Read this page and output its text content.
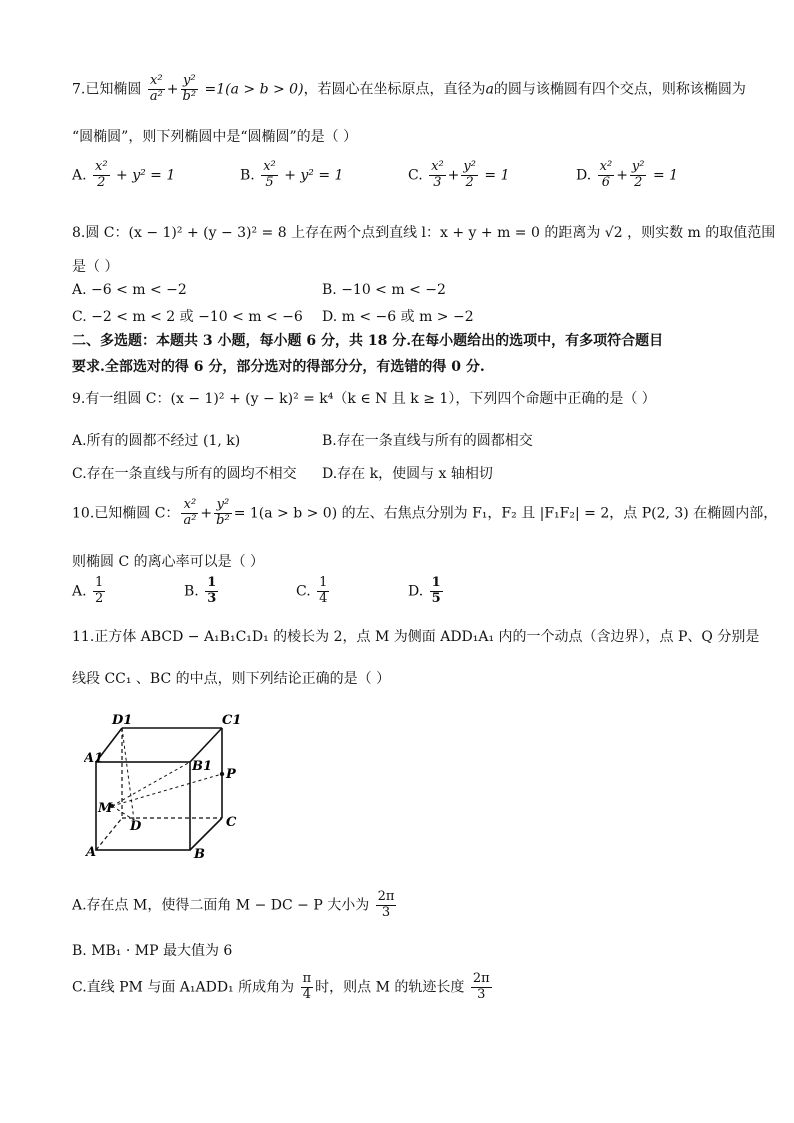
7.已知椭圆 $\frac{\text{x²}}{\text{a²}} + \frac{\text{y²}}{\text{b²}} =1(a > b > 0)$，若圆心在坐标原点，直径为a的圆与该椭圆有四个交点，则称该椭圆为
“圆椭圆”，则下列椭圆中是“圆椭圆”的是（ ）
A. $\frac{\text{x²}}{2} + y^2 = 1$	B. $\frac{\text{x²}}{5} + y^2 = 1$	C. $\frac{\text{x²}}{3} + \frac{\text{y²}}{2} = 1$	D. $\frac{\text{x²}}{6} + \frac{\text{y²}}{2} = 1$
8.圆 C：(x − 1)² + (y − 3)² = 8 上存在两个点到直线 l：x + y + m = 0 的距离为 √2 ，则实数 m 的取值范围
是（ ）
A. −6 < m < −2	B. −10 < m < −2
C. −2 < m < 2 或 −10 < m < −6 D. m < −6 或 m > −2
二、多选题：本题共 3 小题，每小题 6 分，共 18 分.在每小题给出的选项中，有多项符合题目
要求.全部选对的得 6 分，部分选对的得部分分，有选错的得 0 分.
9.有一组圆 C：(x − 1)² + (y − k)² = k⁴（k ∈ N 且 k ≥ 1），下列四个命题中正确的是（ ）
A.所有的圆都不经过 (1, k)	B.存在一条直线与所有的圆都相交
C.存在一条直线与所有的圆均不相交 D.存在 k，使圆与 x 轴相切
10.已知椭圆 C： $\frac{\text{x²}}{\text{a²}} + \frac{\text{y²}}{\text{b²}} = 1(a > b > 0)$ 的左、右焦点分别为 F₁，F₂ 且 |F₁F₂| = 2，点 P(2, 3) 在椭圆内部，
则椭圆 C 的离心率可以是（ ）
A. $\frac{1}{2}$	B. $\frac{1}{3}$	C. $\frac{1}{4}$	D. $\frac{1}{5}$
11.正方体 ABCD − A₁B₁C₁D₁ 的棱长为 2，点 M 为侧面 ADD₁A₁ 内的一个动点（含边界），点 P、Q 分别是
线段 CC₁ 、BC 的中点，则下列结论正确的是（ ）
D1	C1
A1
B1
P
M
D	C
A	B
A.存在点 M，使得二面角 M − DC − P 大小为 $\frac{2\pi}{3}$
B. MB₁ · MP 最大值为 6
C.直线 PM 与面 A₁ADD₁ 所成角为 $\frac{\pi}{4}$ 时，则点 M 的轨迹长度 $\frac{2\pi}{3}$
